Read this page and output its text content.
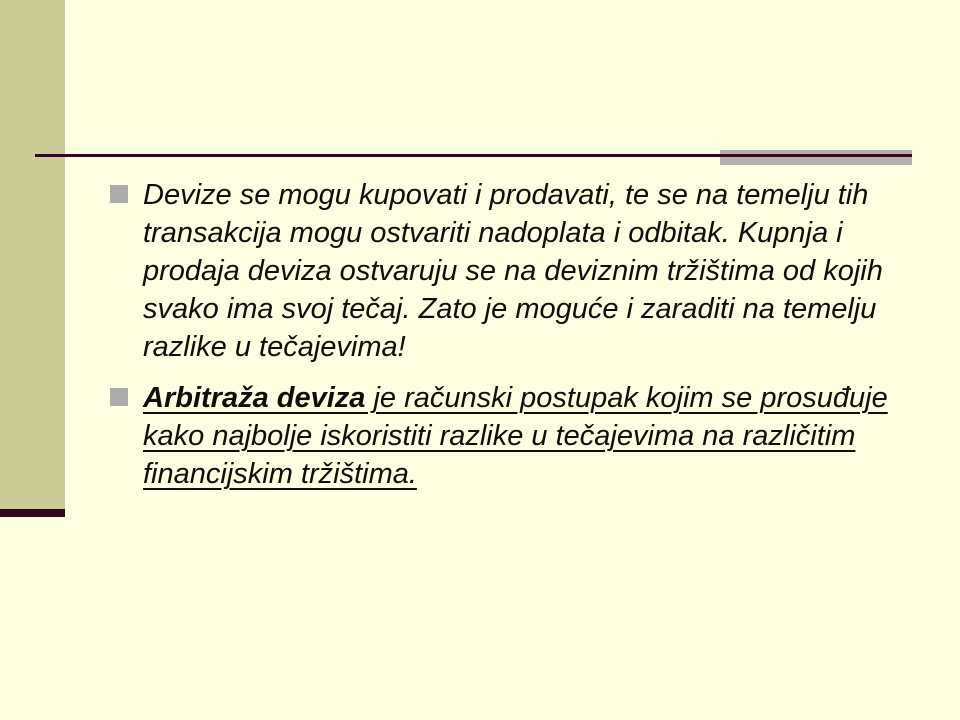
Devize se mogu kupovati i prodavati, te se na temelju tih transakcija mogu ostvariti nadoplata i odbitak. Kupnja i prodaja deviza ostvaruju se na deviznim tržištima od kojih svako ima svoj tečaj. Zato je moguće i zaraditi na temelju razlike u tečajevima!
Arbitraža deviza je računski postupak kojim se prosuđuje kako najbolje iskoristiti razlike u tečajevima na različitim financijskim tržištima.
